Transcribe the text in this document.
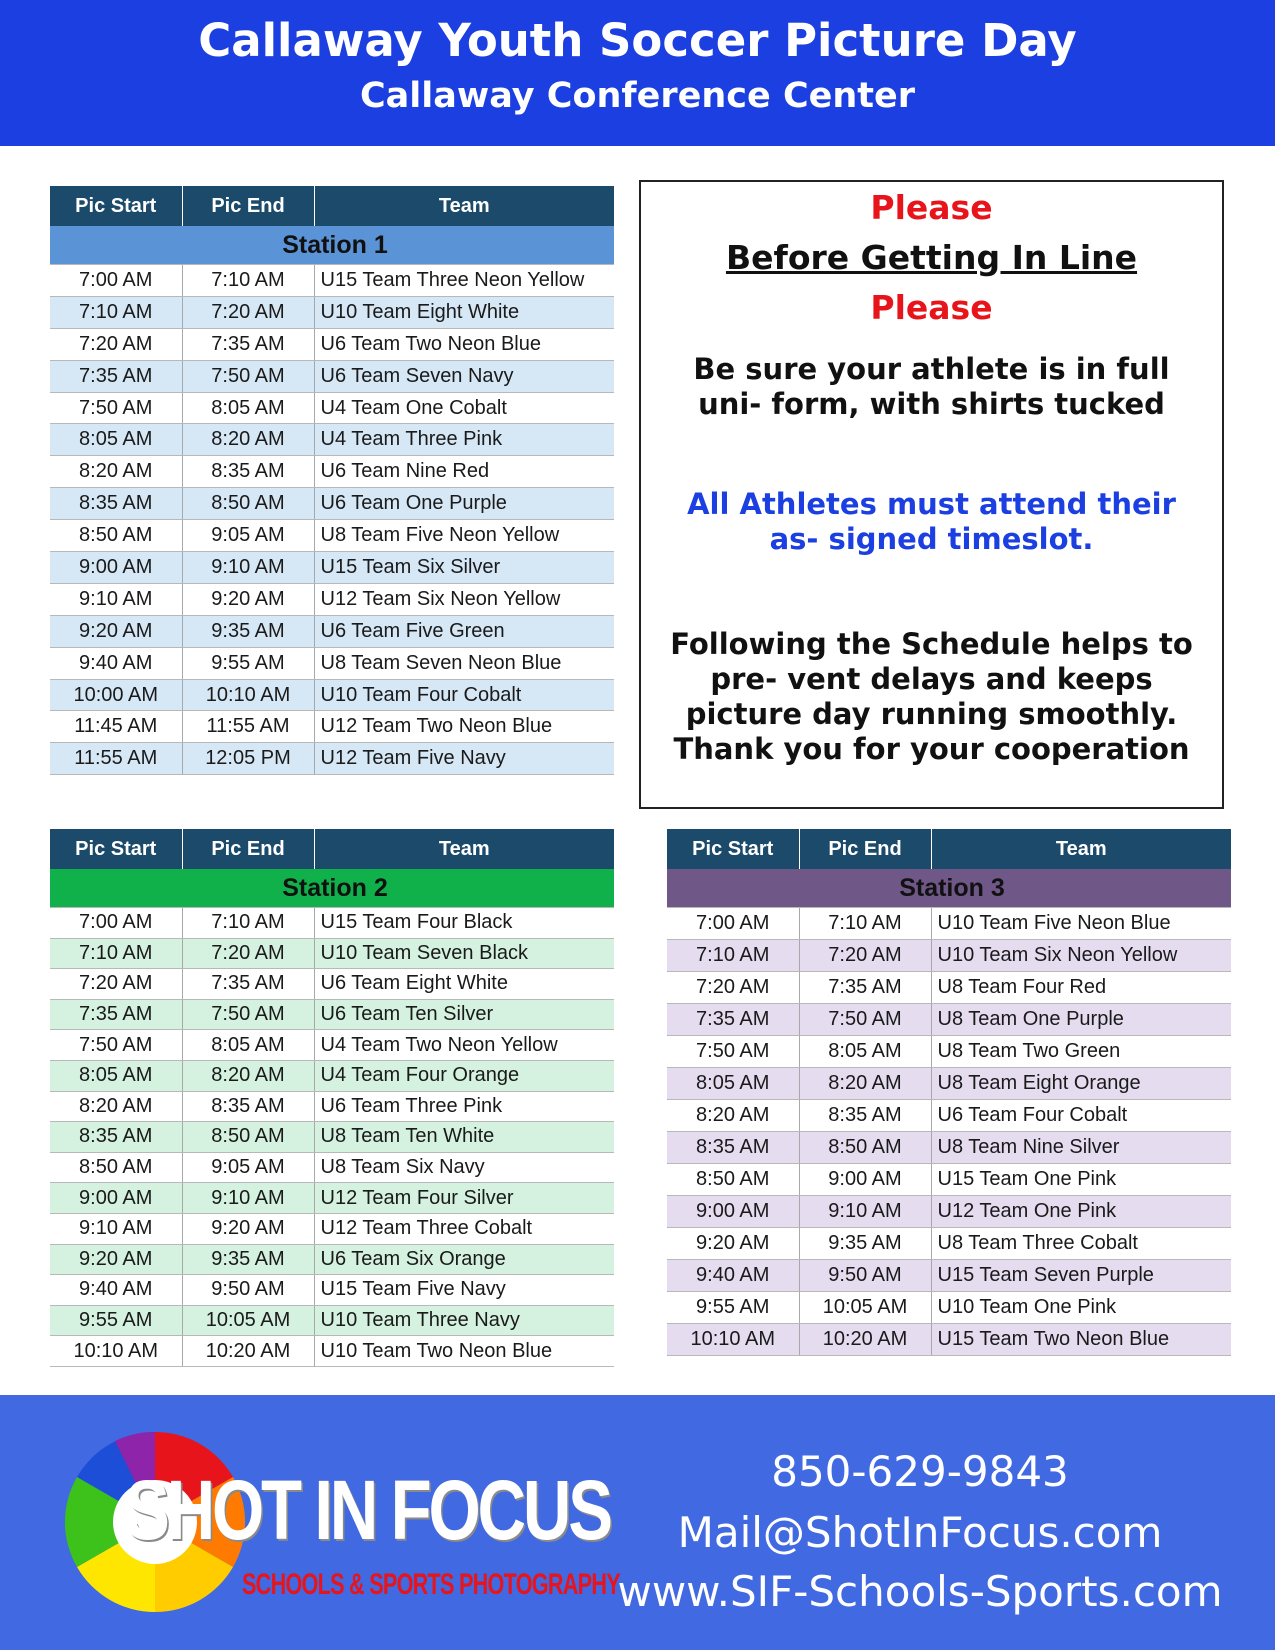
Callaway Youth Soccer Picture Day
Callaway Conference Center
Pic Start	Pic End	Team
Station 1		
7:00 AM	7:10 AM	U15 Team Three Neon Yellow
7:10 AM	7:20 AM	U10 Team Eight White
7:20 AM	7:35 AM	U6 Team Two Neon Blue
7:35 AM	7:50 AM	U6 Team Seven Navy
7:50 AM	8:05 AM	U4 Team One Cobalt
8:05 AM	8:20 AM	U4 Team Three Pink
8:20 AM	8:35 AM	U6 Team Nine Red
8:35 AM	8:50 AM	U6 Team One Purple
8:50 AM	9:05 AM	U8 Team Five Neon Yellow
9:00 AM	9:10 AM	U15 Team Six Silver
9:10 AM	9:20 AM	U12 Team Six Neon Yellow
9:20 AM	9:35 AM	U6 Team Five Green
9:40 AM	9:55 AM	U8 Team Seven Neon Blue
10:00 AM	10:10 AM	U10 Team Four Cobalt
11:45 AM	11:55 AM	U12 Team Two Neon Blue
11:55 AM	12:05 PM	U12 Team Five Navy
Please
Before Getting In Line
Please
Be sure your athlete is in full uni- form, with shirts tucked
All Athletes must attend their as- signed timeslot.
Following the Schedule helps to pre- vent delays and keeps picture day running smoothly. Thank you for your cooperation
Pic Start	Pic End	Team
Station 2		
7:00 AM	7:10 AM	U15 Team Four Black
7:10 AM	7:20 AM	U10 Team Seven Black
7:20 AM	7:35 AM	U6 Team Eight White
7:35 AM	7:50 AM	U6 Team Ten Silver
7:50 AM	8:05 AM	U4 Team Two Neon Yellow
8:05 AM	8:20 AM	U4 Team Four Orange
8:20 AM	8:35 AM	U6 Team Three Pink
8:35 AM	8:50 AM	U8 Team Ten White
8:50 AM	9:05 AM	U8 Team Six Navy
9:00 AM	9:10 AM	U12 Team Four Silver
9:10 AM	9:20 AM	U12 Team Three Cobalt
9:20 AM	9:35 AM	U6 Team Six Orange
9:40 AM	9:50 AM	U15 Team Five Navy
9:55 AM	10:05 AM	U10 Team Three Navy
10:10 AM	10:20 AM	U10 Team Two Neon Blue
Pic Start	Pic End	Team
Station 3		
7:00 AM	7:10 AM	U10 Team Five Neon Blue
7:10 AM	7:20 AM	U10 Team Six Neon Yellow
7:20 AM	7:35 AM	U8 Team Four Red
7:35 AM	7:50 AM	U8 Team One Purple
7:50 AM	8:05 AM	U8 Team Two Green
8:05 AM	8:20 AM	U8 Team Eight Orange
8:20 AM	8:35 AM	U6 Team Four Cobalt
8:35 AM	8:50 AM	U8 Team Nine Silver
8:50 AM	9:00 AM	U15 Team One Pink
9:00 AM	9:10 AM	U12 Team One Pink
9:20 AM	9:35 AM	U8 Team Three Cobalt
9:40 AM	9:50 AM	U15 Team Seven Purple
9:55 AM	10:05 AM	U10 Team One Pink
10:10 AM	10:20 AM	U15 Team Two Neon Blue
SHOT IN FOCUS
SCHOOLS & SPORTS PHOTOGRAPHY
850-629-9843
Mail@ShotInFocus.com
www.SIF-Schools-Sports.com
